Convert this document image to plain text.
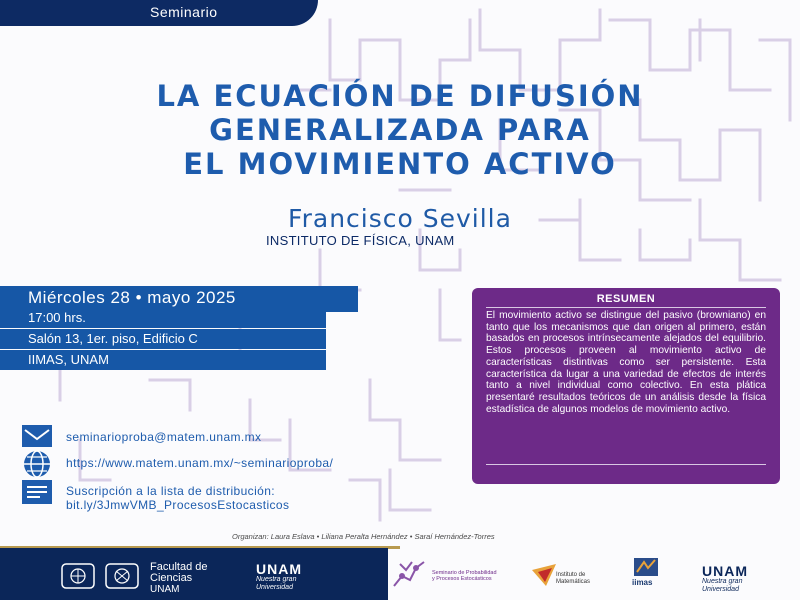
Seminario
LA ECUACIÓN DE DIFUSIÓN
GENERALIZADA PARA
EL MOVIMIENTO ACTIVO
Francisco Sevilla
INSTITUTO DE FÍSICA, UNAM
Miércoles 28 • mayo 2025
17:00 hrs.
Salón 13, 1er. piso, Edificio C
IIMAS, UNAM
RESUMEN

El movimiento activo se distingue del pasivo (browniano) en tanto que los mecanismos que dan origen al primero, están basados en procesos intrínsecamente alejados del equilibrio. Estos procesos proveen al movimiento activo de características distintivas como ser persistente. Esta característica da lugar a una variedad de efectos de interés tanto a nivel individual como colectivo. En esta plática presentaré resultados teóricos de un análisis desde la física estadística de algunos modelos de movimiento activo.

seminarioproba@matem.unam.mx
https://www.matem.unam.mx/~seminarioproba/
Suscripción a la lista de distribución:
bit.ly/3JmwVMB_ProcesosEstocasticos
Organizan: Laura Eslava • Liliana Peralta Hernández • Saraí Hernández-Torres
Facultad de
Ciencias
UNAM
UNAM
Nuestra gran
Universidad
Seminario de Probabilidad
y Procesos Estocásticos
Instituto de
Matemáticas	iimas
UNAM
Nuestra gran
Universidad
